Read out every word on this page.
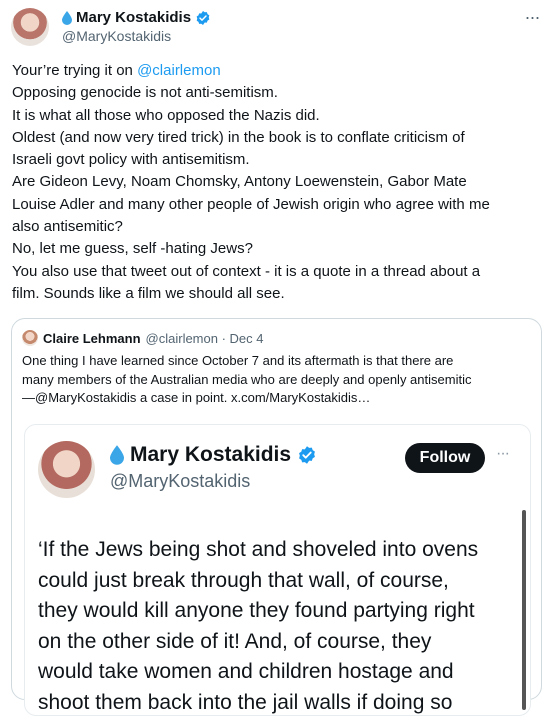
Mary Kostakidis
@MaryKostakidis
···
Your’re trying it on @clairlemon
Opposing genocide is not anti-semitism.
It is what all those who opposed the Nazis did.
Oldest (and now very tired trick) in the book is to conflate criticism of
Israeli govt policy with antisemitism.
Are Gideon Levy, Noam Chomsky, Antony Loewenstein, Gabor Mate
Louise Adler and many other people of Jewish origin who agree with me
also antisemitic?
No, let me guess, self -hating Jews?
You also use that tweet out of context - it is a quote in a thread about a
film. Sounds like a film we should all see.
Claire Lehmann @clairlemon · Dec 4
One thing I have learned since October 7 and its aftermath is that there are
many members of the Australian media who are deeply and openly antisemitic
—@MaryKostakidis a case in point. x.com/MaryKostakidis…
Mary Kostakidis
@MaryKostakidis
Follow	···
‘If the Jews being shot and shoveled into ovens
could just break through that wall, of course,
they would kill anyone they found partying right
on the other side of it! And, of course, they
would take women and children hostage and
shoot them back into the jail walls if doing so
